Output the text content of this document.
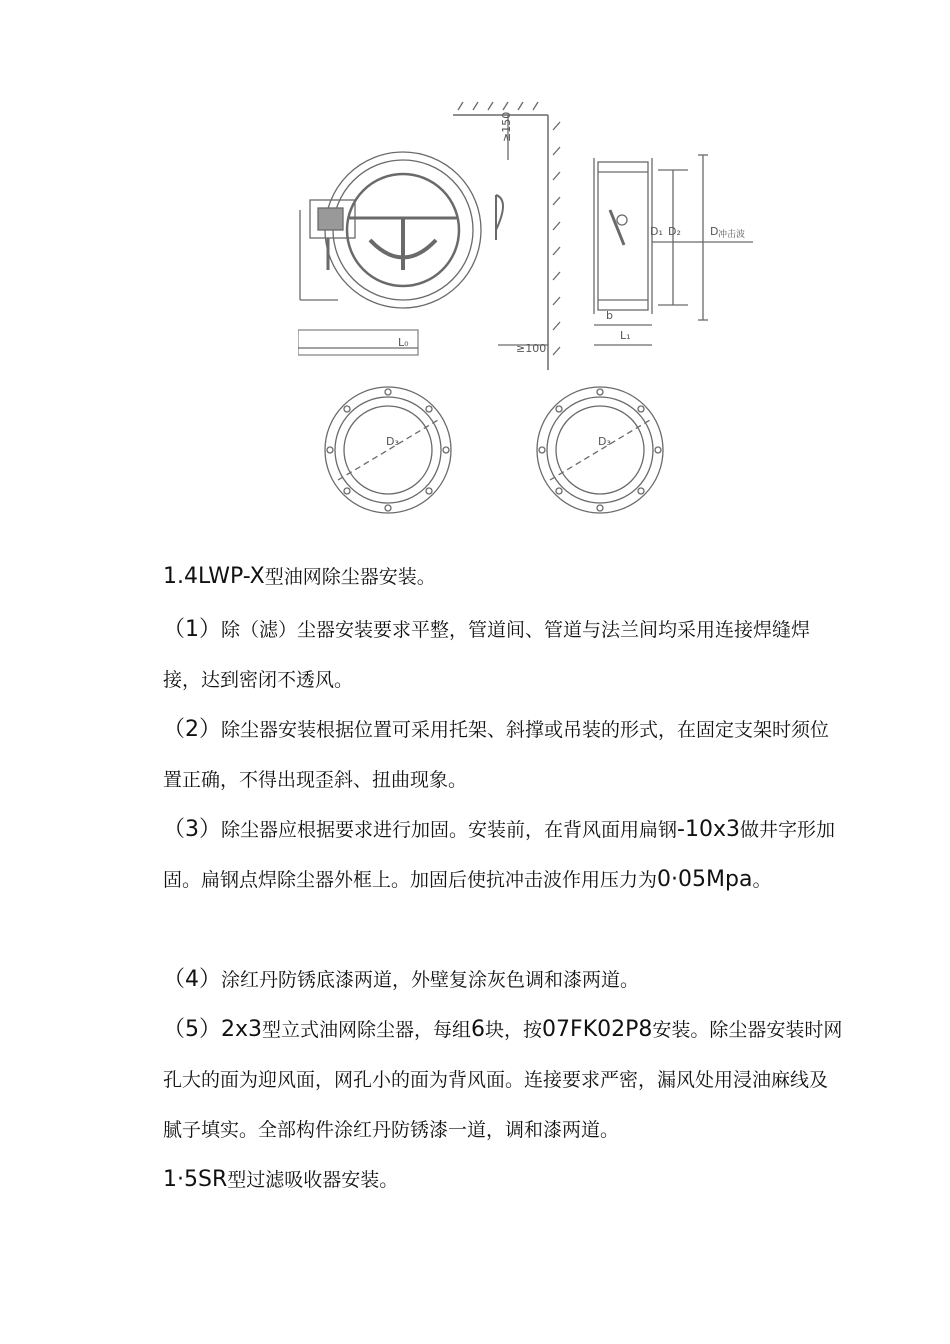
≥150
≥100
L₀
L₁
b
D₁ D₂	D
D₃	D₃
冲击波

1.4LWP-X型油网除尘器安装。

（1）除（滤）尘器安装要求平整，管道间、管道与法兰间均采用连接焊缝焊接，达到密闭不透风。

（2）除尘器安装根据位置可采用托架、斜撑或吊装的形式，在固定支架时须位置正确，不得出现歪斜、扭曲现象。

（3）除尘器应根据要求进行加固。安装前，在背风面用扁钢-10x3做井字形加固。扁钢点焊除尘器外框上。加固后使抗冲击波作用压力为0·05Mpa。

（4）涂红丹防锈底漆两道，外壁复涂灰色调和漆两道。

（5）2x3型立式油网除尘器，每组6块，按07FK02P8安装。除尘器安装时网孔大的面为迎风面，网孔小的面为背风面。连接要求严密，漏风处用浸油麻线及腻子填实。全部构件涂红丹防锈漆一道，调和漆两道。

1·5SR型过滤吸收器安装。
